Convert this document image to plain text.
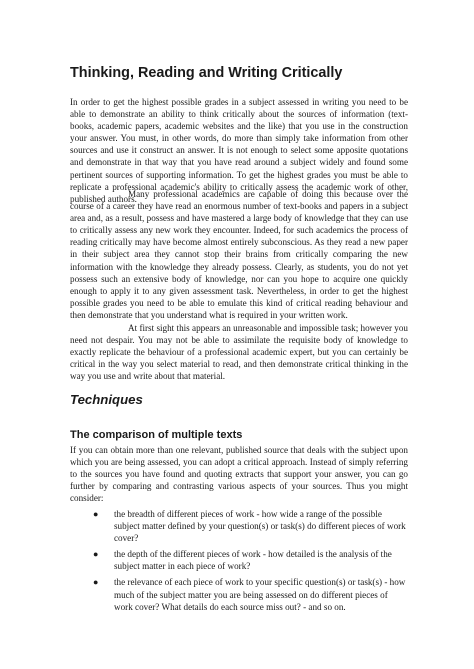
Thinking, Reading and Writing Critically

In order to get the highest possible grades in a subject assessed in writing you need to be able to demonstrate an ability to think critically about the sources of information (text-books, academic papers, academic websites and the like) that you use in the construction your answer. You must, in other words, do more than simply take information from other sources and use it construct an answer. It is not enough to select some apposite quotations and demonstrate in that way that you have read around a subject widely and found some pertinent sources of supporting information. To get the highest grades you must be able to replicate a professional academic's ability to critically assess the academic work of other, published authors.

Many professional academics are capable of doing this because over the course of a career they have read an enormous number of text-books and papers in a subject area and, as a result, possess and have mastered a large body of knowledge that they can use to critically assess any new work they encounter. Indeed, for such academics the process of reading critically may have become almost entirely subconscious. As they read a new paper in their subject area they cannot stop their brains from critically comparing the new information with the knowledge they already possess. Clearly, as students, you do not yet possess such an extensive body of knowledge, nor can you hope to acquire one quickly enough to apply it to any given assessment task. Nevertheless, in order to get the highest possible grades you need to be able to emulate this kind of critical reading behaviour and then demonstrate that you understand what is required in your written work.

At first sight this appears an unreasonable and impossible task; however you need not despair. You may not be able to assimilate the requisite body of knowledge to exactly replicate the behaviour of a professional academic expert, but you can certainly be critical in the way you select material to read, and then demonstrate critical thinking in the way you use and write about that material.

Techniques
The comparison of multiple texts

If you can obtain more than one relevant, published source that deals with the subject upon which you are being assessed, you can adopt a critical approach. Instead of simply referring to the sources you have found and quoting extracts that support your answer, you can go further by comparing and contrasting various aspects of your sources. Thus you might consider:

● the breadth of different pieces of work - how wide a range of the possible subject matter defined by your question(s) or task(s) do different pieces of work cover?
● the depth of the different pieces of work - how detailed is the analysis of the subject matter in each piece of work?
● the relevance of each piece of work to your specific question(s) or task(s) - how much of the subject matter you are being assessed on do different pieces of work cover? What details do each source miss out? - and so on.
